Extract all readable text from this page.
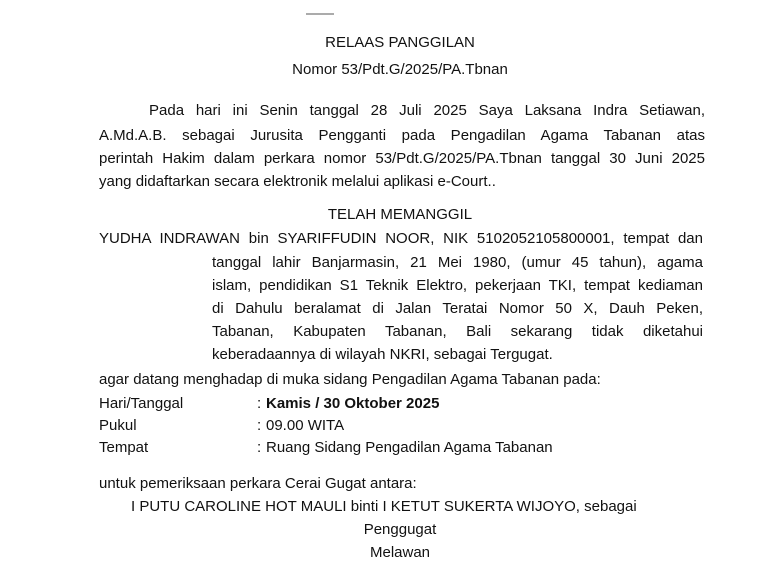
RELAAS PANGGILAN
Nomor 53/Pdt.G/2025/PA.Tbnan
Pada hari ini Senin tanggal 28 Juli 2025 Saya Laksana Indra Setiawan,
A.Md.A.B. sebagai Jurusita Pengganti pada Pengadilan Agama Tabanan atas
perintah Hakim dalam perkara nomor 53/Pdt.G/2025/PA.Tbnan tanggal 30 Juni 2025
yang didaftarkan secara elektronik melalui aplikasi e-Court..
TELAH MEMANGGIL
YUDHA INDRAWAN bin SYARIFFUDIN NOOR, NIK 5102052105800001, tempat dan
tanggal lahir Banjarmasin, 21 Mei 1980, (umur 45 tahun), agama
islam, pendidikan S1 Teknik Elektro, pekerjaan TKI, tempat kediaman
di Dahulu beralamat di Jalan Teratai Nomor 50 X, Dauh Peken,
Tabanan, Kabupaten Tabanan, Bali sekarang tidak diketahui
keberadaannya di wilayah NKRI, sebagai Tergugat.
agar datang menghadap di muka sidang Pengadilan Agama Tabanan pada:
Hari/Tanggal	: Kamis / 30 Oktober 2025
Pukul	: 09.00 WITA
Tempat	: Ruang Sidang Pengadilan Agama Tabanan
untuk pemeriksaan perkara Cerai Gugat antara:
I PUTU CAROLINE HOT MAULI binti I KETUT SUKERTA WIJOYO, sebagai
Penggugat
Melawan
